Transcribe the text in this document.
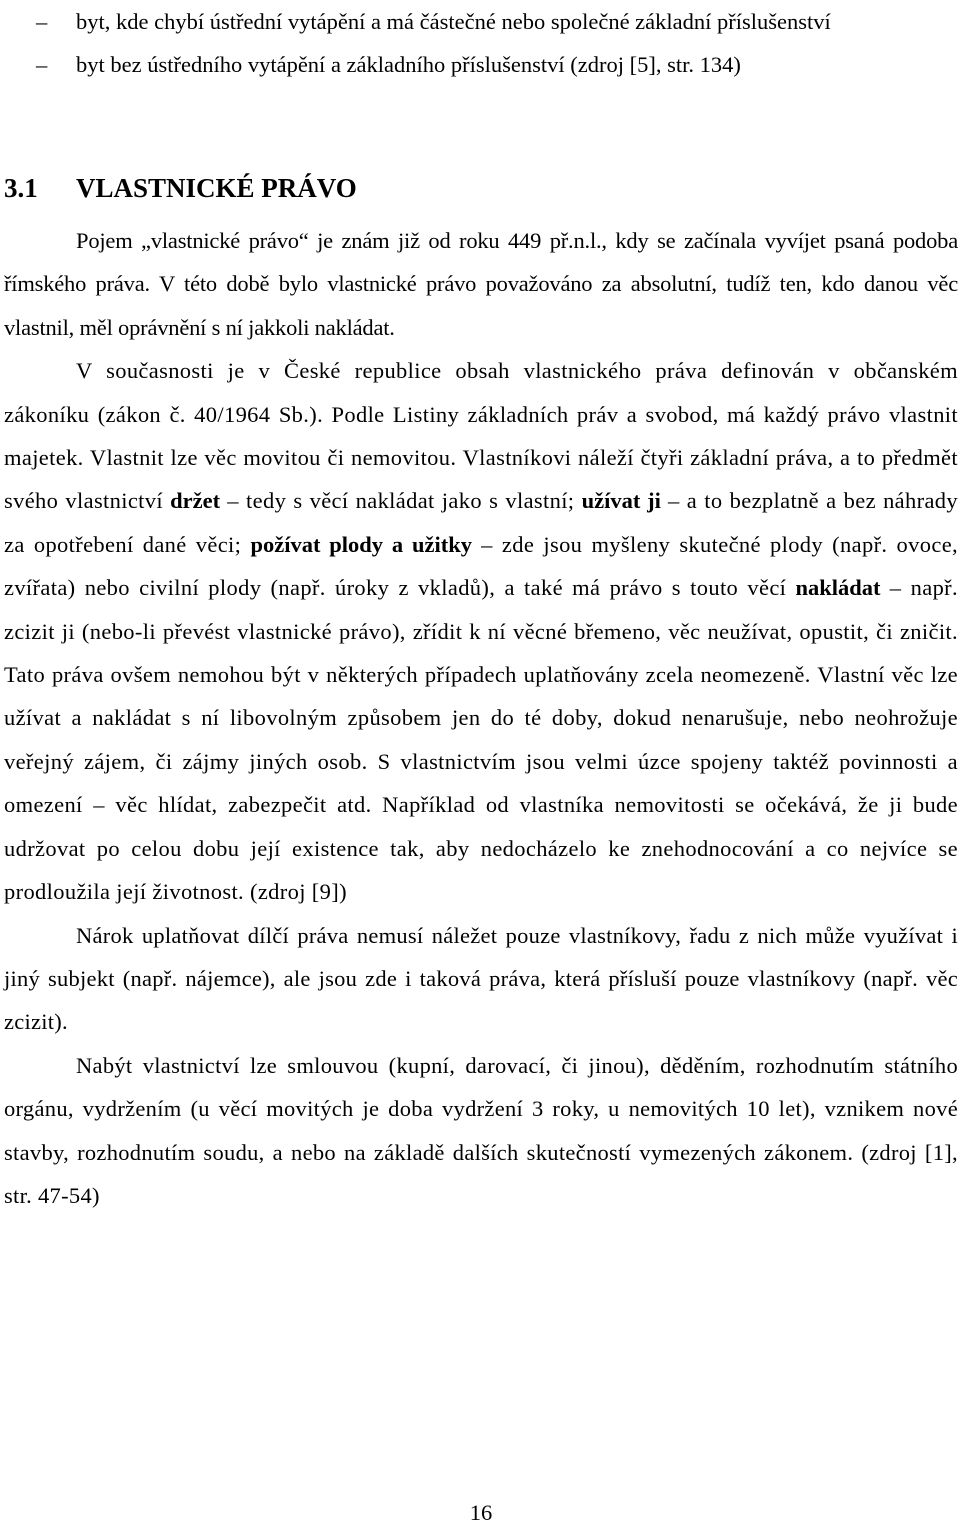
– byt, kde chybí ústřední vytápění a má částečné nebo společné základní příslušenství
– byt bez ústředního vytápění a základního příslušenství (zdroj [5], str. 134)
3.1 VLASTNICKÉ PRÁVO

Pojem „vlastnické právo“ je znám již od roku 449 př.n.l., kdy se začínala vyvíjet psaná podoba římského práva. V této době bylo vlastnické právo považováno za absolutní, tudíž ten, kdo danou věc vlastnil, měl oprávnění s ní jakkoli nakládat.

V současnosti je v České republice obsah vlastnického práva definován v občanském zákoníku (zákon č. 40/1964 Sb.). Podle Listiny základních práv a svobod, má každý právo vlastnit majetek. Vlastnit lze věc movitou či nemovitou. Vlastníkovi náleží čtyři základní práva, a to předmět svého vlastnictví držet – tedy s věcí nakládat jako s vlastní; užívat ji – a to bezplatně a bez náhrady za opotřebení dané věci; požívat plody a užitky – zde jsou myšleny skutečné plody (např. ovoce, zvířata) nebo civilní plody (např. úroky z vkladů), a také má právo s touto věcí nakládat – např. zcizit ji (nebo-li převést vlastnické právo), zřídit k ní věcné břemeno, věc neužívat, opustit, či zničit. Tato práva ovšem nemohou být v některých případech uplatňovány zcela neomezeně. Vlastní věc lze užívat a nakládat s ní libovolným způsobem jen do té doby, dokud nenarušuje, nebo neohrožuje veřejný zájem, či zájmy jiných osob. S vlastnictvím jsou velmi úzce spojeny taktéž povinnosti a omezení – věc hlídat, zabezpečit atd. Například od vlastníka nemovitosti se očekává, že ji bude udržovat po celou dobu její existence tak, aby nedocházelo ke znehodnocování a co nejvíce se prodloužila její životnost. (zdroj [9])

Nárok uplatňovat dílčí práva nemusí náležet pouze vlastníkovy, řadu z nich může využívat i jiný subjekt (např. nájemce), ale jsou zde i taková práva, která přísluší pouze vlastníkovy (např. věc zcizit).

Nabýt vlastnictví lze smlouvou (kupní, darovací, či jinou), děděním, rozhodnutím státního orgánu, vydržením (u věcí movitých je doba vydržení 3 roky, u nemovitých 10 let), vznikem nové stavby, rozhodnutím soudu, a nebo na základě dalších skutečností vymezených zákonem. (zdroj [1], str. 47-54)

16
